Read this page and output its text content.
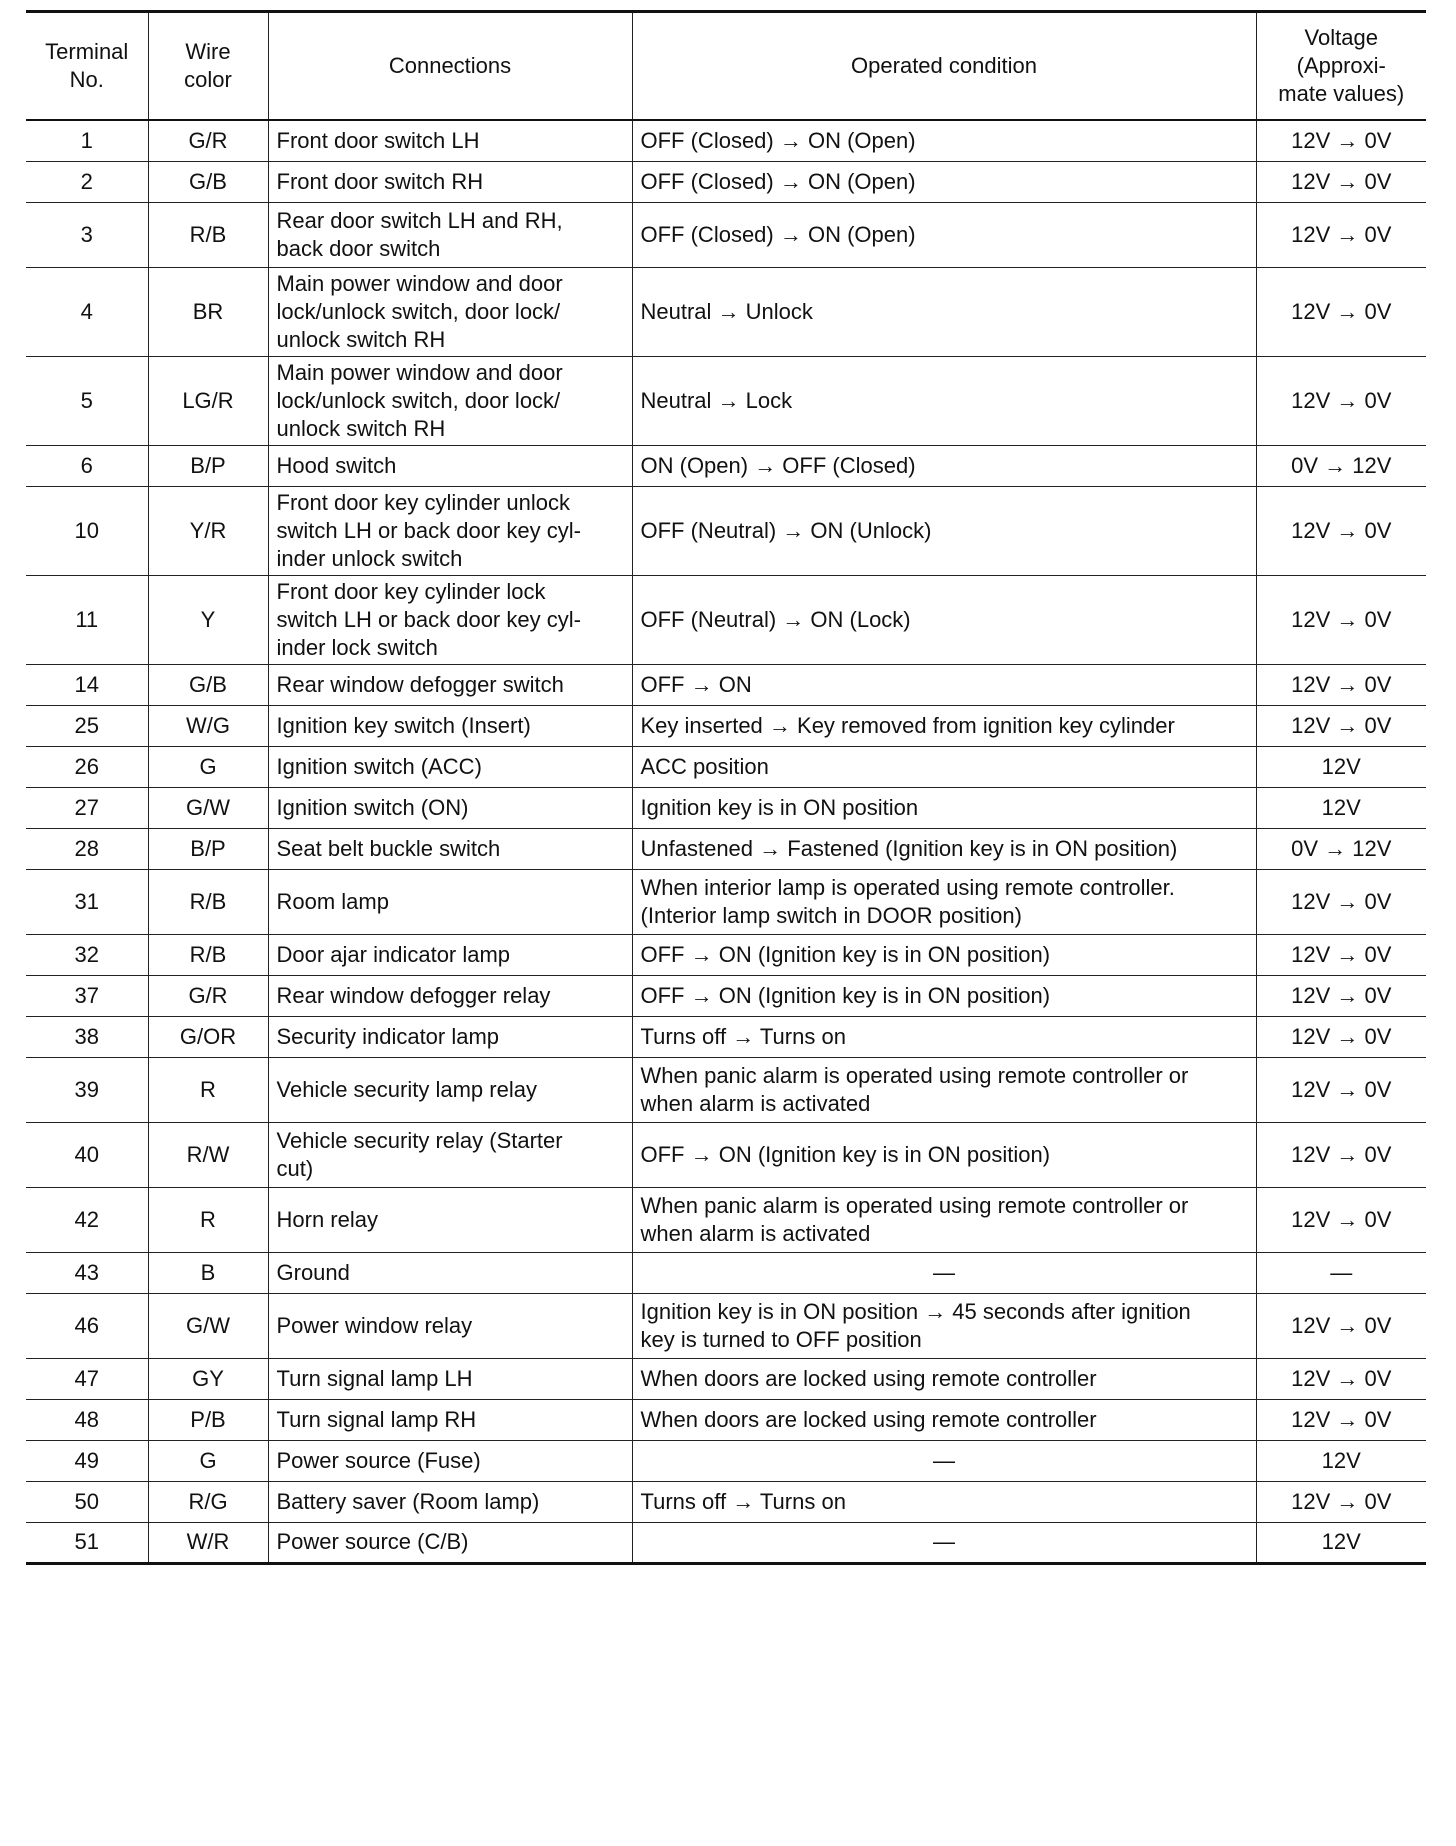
Terminal
No.	Wire
color	Connections	Operated condition	Voltage
(Approxi-
mate values)
1	G/R	Front door switch LH	OFF (Closed) → ON (Open)	12V → 0V
2	G/B	Front door switch RH	OFF (Closed) → ON (Open)	12V → 0V
3	R/B	Rear door switch LH and RH,
back door switch	OFF (Closed) → ON (Open)	12V → 0V
4	BR	Main power window and door
lock/unlock switch, door lock/
unlock switch RH	Neutral → Unlock	12V → 0V
5	LG/R	Main power window and door
lock/unlock switch, door lock/
unlock switch RH	Neutral → Lock	12V → 0V
6	B/P	Hood switch	ON (Open) → OFF (Closed)	0V → 12V
10	Y/R	Front door key cylinder unlock
switch LH or back door key cyl-
inder unlock switch	OFF (Neutral) → ON (Unlock)	12V → 0V
11	Y	Front door key cylinder lock
switch LH or back door key cyl-
inder lock switch	OFF (Neutral) → ON (Lock)	12V → 0V
14	G/B	Rear window defogger switch	OFF → ON	12V → 0V
25	W/G	Ignition key switch (Insert)	Key inserted → Key removed from ignition key cylinder	12V → 0V
26	G	Ignition switch (ACC)	ACC position	12V
27	G/W	Ignition switch (ON)	Ignition key is in ON position	12V
28	B/P	Seat belt buckle switch	Unfastened → Fastened (Ignition key is in ON position)	0V → 12V
31	R/B	Room lamp	When interior lamp is operated using remote controller.
(Interior lamp switch in DOOR position)	12V → 0V
32	R/B	Door ajar indicator lamp	OFF → ON (Ignition key is in ON position)	12V → 0V
37	G/R	Rear window defogger relay	OFF → ON (Ignition key is in ON position)	12V → 0V
38	G/OR	Security indicator lamp	Turns off → Turns on	12V → 0V
39	R	Vehicle security lamp relay	When panic alarm is operated using remote controller or
when alarm is activated	12V → 0V
40	R/W	Vehicle security relay (Starter
cut)	OFF → ON (Ignition key is in ON position)	12V → 0V
42	R	Horn relay	When panic alarm is operated using remote controller or
when alarm is activated	12V → 0V
43	B	Ground	—	—
46	G/W	Power window relay	Ignition key is in ON position → 45 seconds after ignition
key is turned to OFF position	12V → 0V
47	GY	Turn signal lamp LH	When doors are locked using remote controller	12V → 0V
48	P/B	Turn signal lamp RH	When doors are locked using remote controller	12V → 0V
49	G	Power source (Fuse)	—	12V
50	R/G	Battery saver (Room lamp)	Turns off → Turns on	12V → 0V
51	W/R	Power source (C/B)	—	12V
